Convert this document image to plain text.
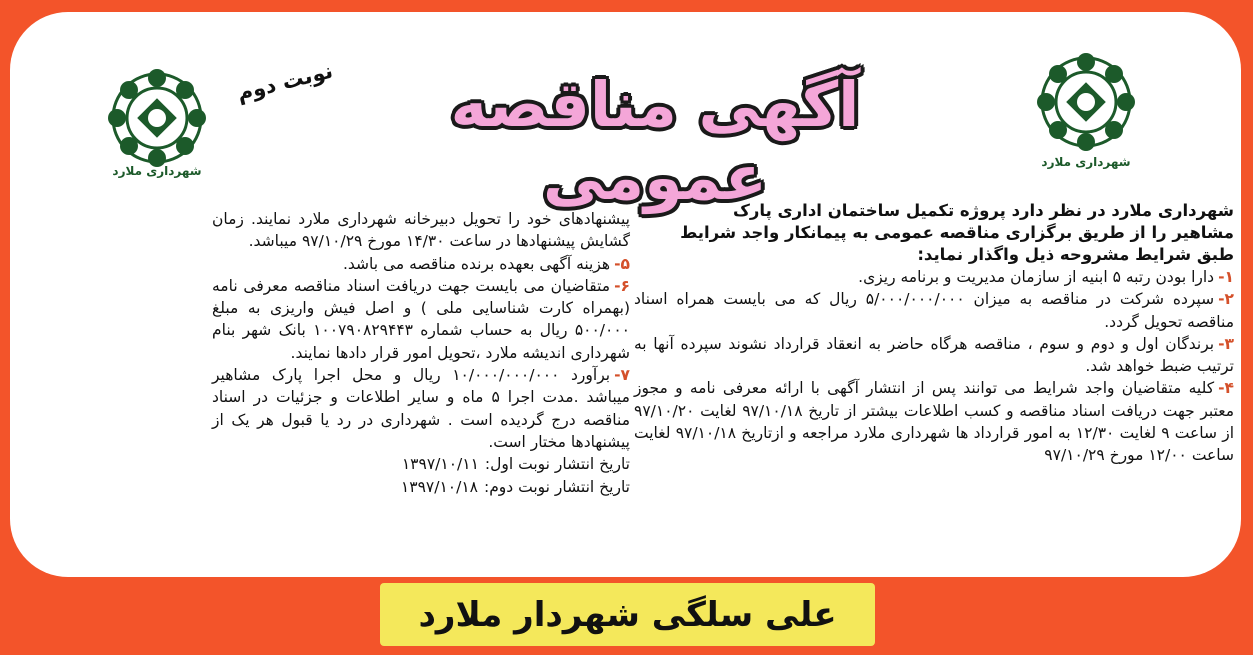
شهرداری ملارد
شهرداری ملارد
آگهی مناقصه عمومی
نوبت دوم

شهرداری ملارد در نظر دارد پروژه تکمیل ساختمان اداری پارک

مشاهیر را از طریق برگزاری مناقصه عمومی به پیمانکار واجد شرایط

طبق شرایط مشروحه ذیل واگذار نماید:

۱-دارا بودن رتبه ۵ ابنیه از سازمان مدیریت و برنامه ریزی.

۲-سپرده شرکت در مناقصه به میزان ۵/۰۰۰/۰۰۰/۰۰۰ ریال که می بایست همراه اسناد مناقصه تحویل گردد.

۳-برندگان اول و دوم و سوم ، مناقصه هرگاه حاضر به انعقاد قرارداد نشوند سپرده آنها به ترتیب ضبط خواهد شد.

۴-کلیه متقاضیان واجد شرایط می توانند پس از انتشار آگهی با ارائه معرفی نامه و مجوز معتبر جهت دریافت اسناد مناقصه و کسب اطلاعات بیشتر از تاریخ ۹۷/۱۰/۱۸ لغایت ۹۷/۱۰/۲۰ از ساعت ۹ لغایت ۱۲/۳۰ به امور قرارداد ها شهرداری ملارد مراجعه و ازتاریخ ۹۷/۱۰/۱۸ لغایت ساعت ۱۲/۰۰ مورخ ۹۷/۱۰/۲۹

پیشنهادهای خود را تحویل دبیرخانه شهرداری ملارد نمایند. زمان گشایش پیشنهادها در ساعت ۱۴/۳۰ مورخ ۹۷/۱۰/۲۹ میباشد.

۵-هزینه آگهی بعهده برنده مناقصه می باشد.

۶-متقاضیان می بایست جهت دریافت اسناد مناقصه معرفی نامه (بهمراه کارت شناسایی ملی ) و اصل فیش واریزی به مبلغ ۵۰۰/۰۰۰ ریال به حساب شماره ۱۰۰۷۹۰۸۲۹۴۴۳ بانک شهر بنام شهرداری اندیشه ملارد ،تحویل امور قرار دادها نمایند.

۷-برآورد ۱۰/۰۰۰/۰۰۰/۰۰۰ ریال و محل اجرا پارک مشاهیر میباشد .مدت اجرا ۵ ماه و سایر اطلاعات و جزئیات در اسناد مناقصه درج گردیده است . شهرداری در رد یا قبول هر یک از پیشنهادها مختار است.

تاریخ انتشار نوبت اول:۱۳۹۷/۱۰/۱۱

تاریخ انتشار نوبت دوم:۱۳۹۷/۱۰/۱۸

علی سلگی شهردار ملارد
